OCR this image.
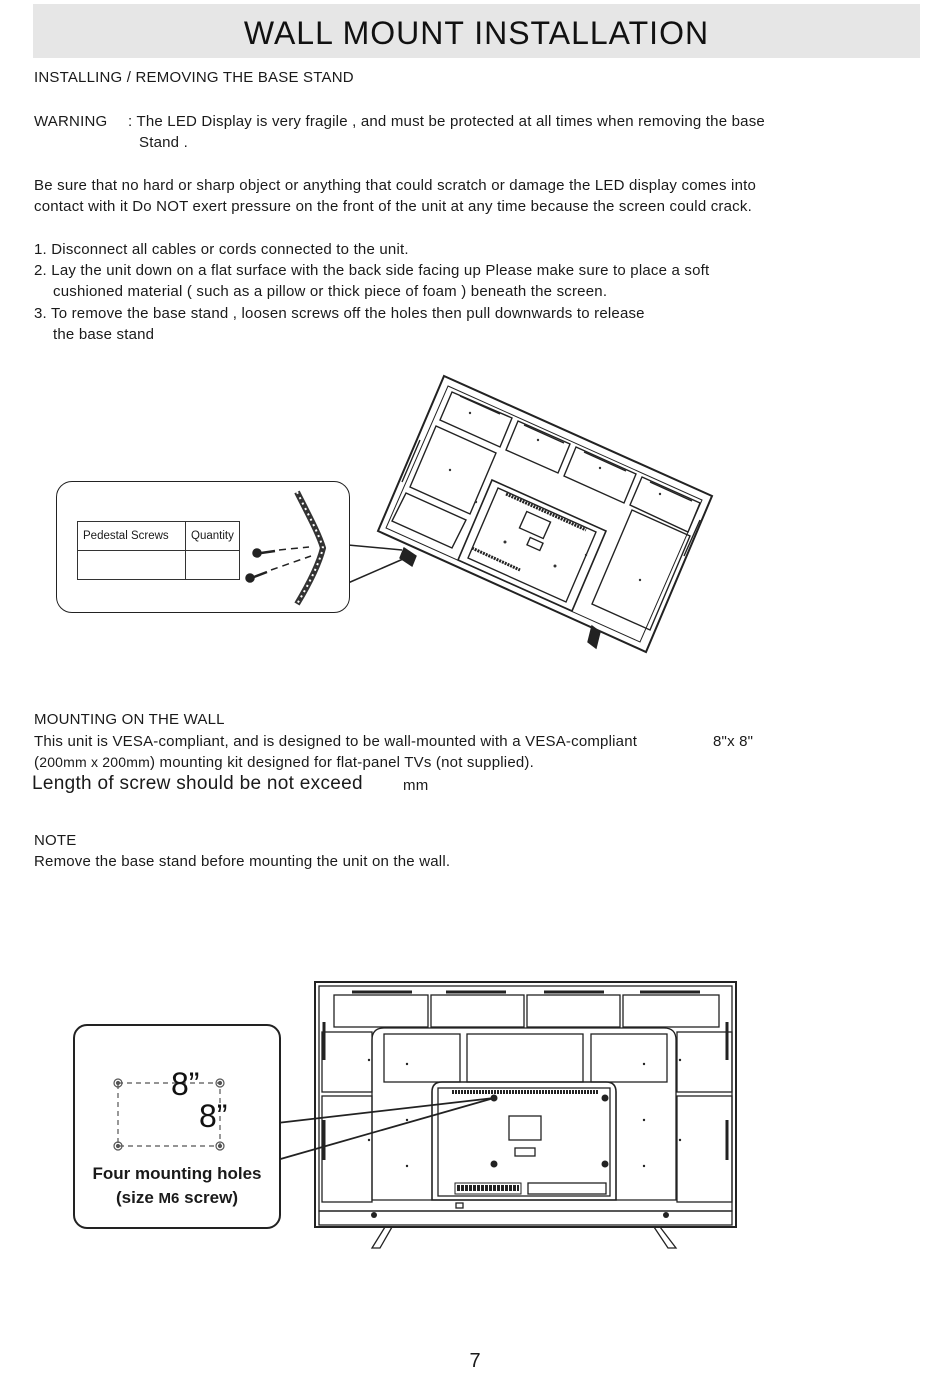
WALL MOUNT INSTALLATION
INSTALLING / REMOVING THE BASE STAND
WARNING : The LED Display is very fragile , and must be protected at all times when removing the base
Stand .
Be sure that no hard or sharp object or anything that could scratch or damage the LED display comes into
contact with it Do NOT exert pressure on the front of the unit at any time because the screen could crack.
1. Disconnect all cables or cords connected to the unit.
2. Lay the unit down on a flat surface with the back side facing up Please make sure to place a soft
cushioned material ( such as a pillow or thick piece of foam ) beneath the screen.
3. To remove the base stand , loosen screws off the holes then pull downwards to release
the base stand
Pedestal Screws	Quantity

MOUNTING ON THE WALL
This unit is VESA-compliant, and is designed to be wall-mounted with a VESA-compliant	8"x 8"
(200mm x 200mm) mounting kit designed for flat-panel TVs (not supplied).
Length of screw should be not exceed	mm
NOTE
Remove the base stand before mounting the unit on the wall.
8”
8”
Four mounting holes
(size M6 screw)
7
